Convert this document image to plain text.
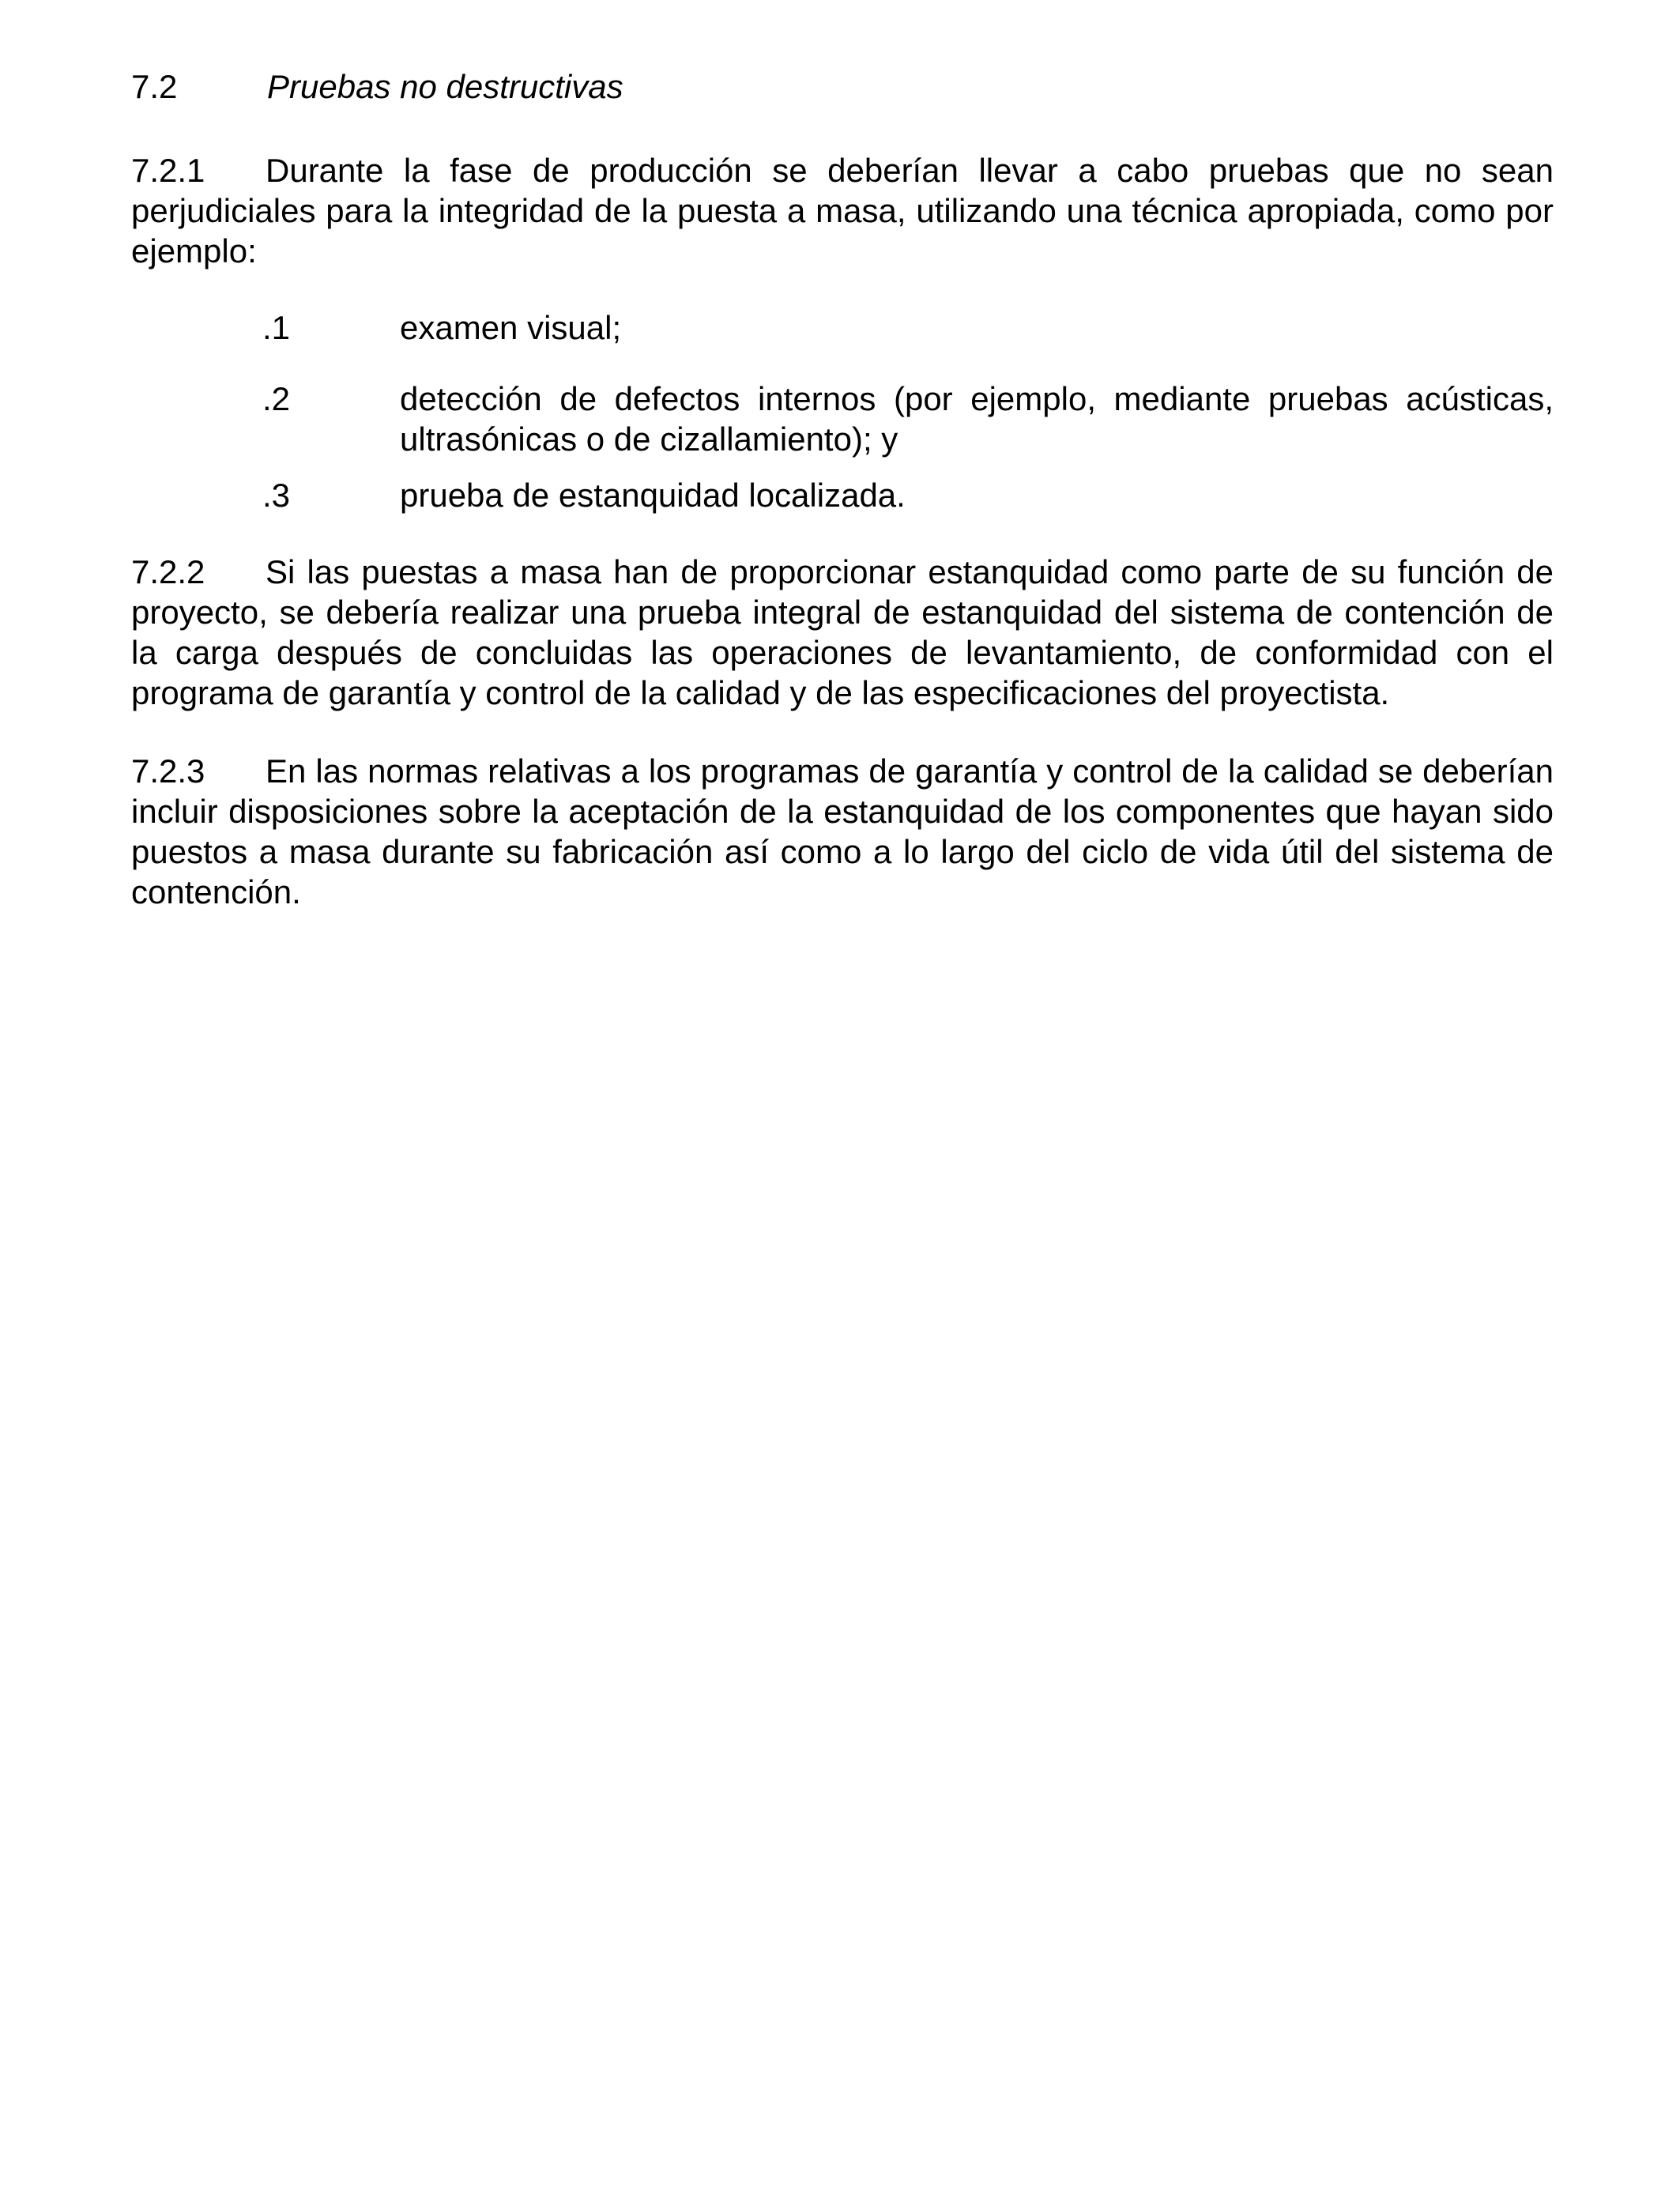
7.2	Pruebas no destructivas
7.2.1 Durante la fase de producción se deberían llevar a cabo pruebas que no sean perjudiciales para la integridad de la puesta a masa, utilizando una técnica apropiada, como por ejemplo:
.1	examen visual;
.2	detección de defectos internos (por ejemplo, mediante pruebas acústicas, ultrasónicas o de cizallamiento); y
.3	prueba de estanquidad localizada.
7.2.2 Si las puestas a masa han de proporcionar estanquidad como parte de su función de proyecto, se debería realizar una prueba integral de estanquidad del sistema de contención de la carga después de concluidas las operaciones de levantamiento, de conformidad con el programa de garantía y control de la calidad y de las especificaciones del proyectista.
7.2.3 En las normas relativas a los programas de garantía y control de la calidad se deberían incluir disposiciones sobre la aceptación de la estanquidad de los componentes que hayan sido puestos a masa durante su fabricación así como a lo largo del ciclo de vida útil del sistema de contención.
